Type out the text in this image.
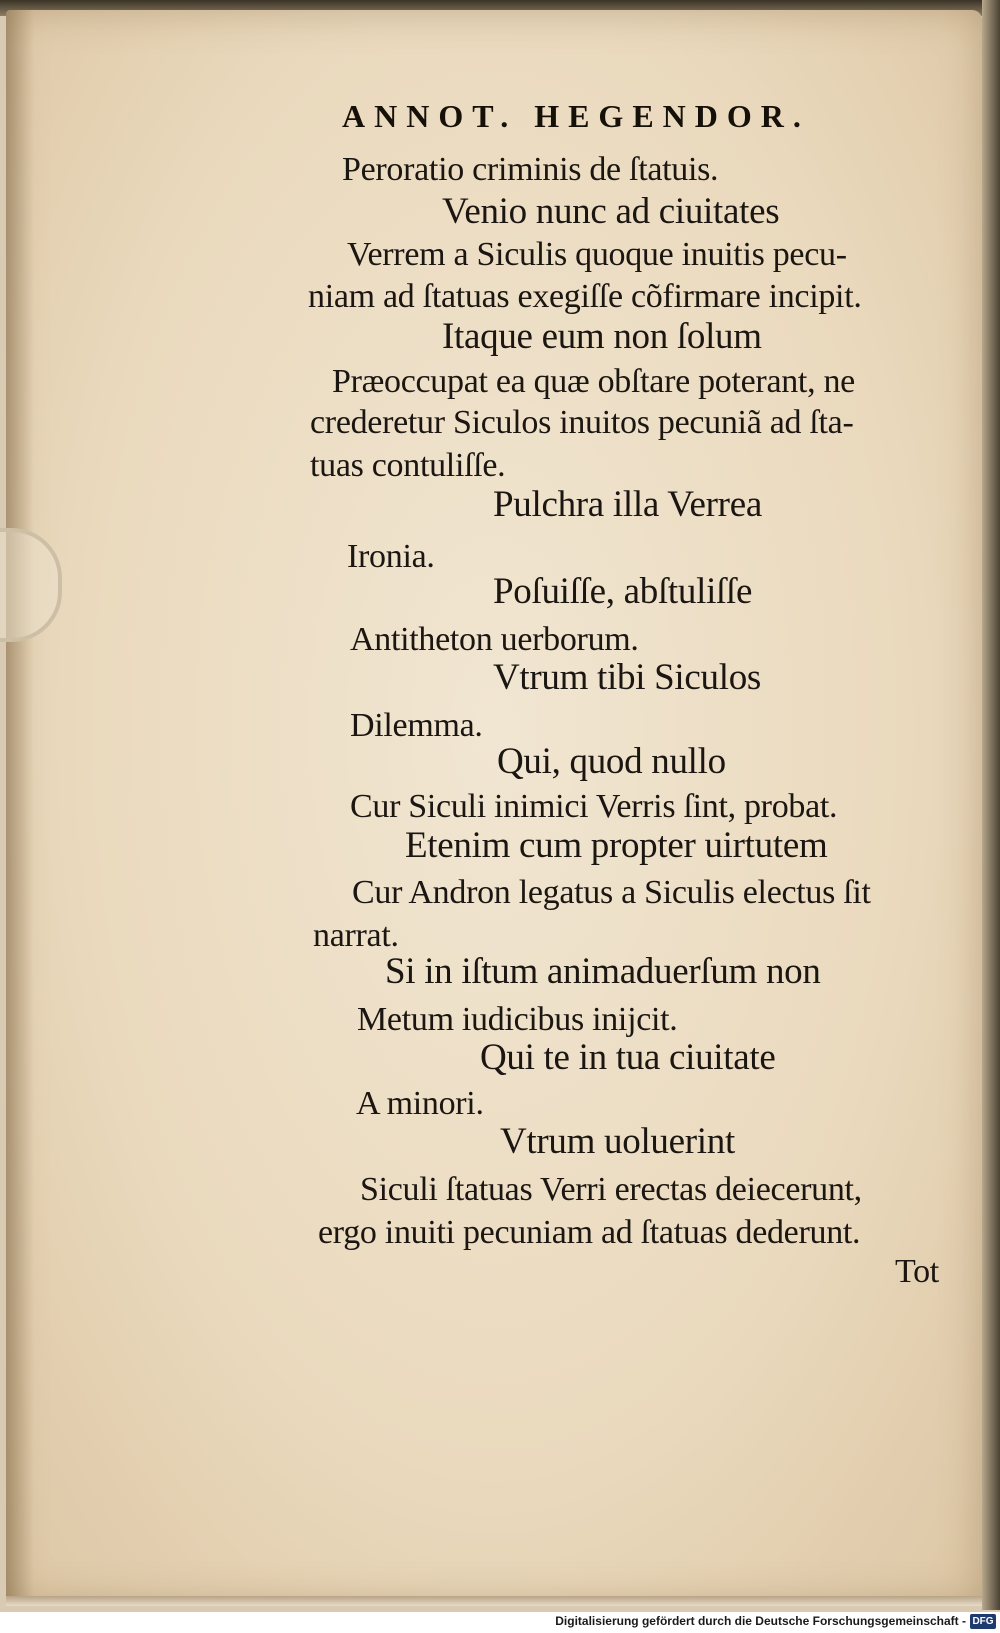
ANNOT. HEGENDOR.
Peroratio criminis de ſtatuis.
Venio nunc ad ciuitates
Verrem a Siculis quoque inuitis pecu-
niam ad ſtatuas exegiſſe cõfirmare incipit.
Itaque eum non ſolum
Præoccupat ea quæ obſtare poterant, ne
crederetur Siculos inuitos pecuniã ad ſta-
tuas contuliſſe.
Pulchra illa Verrea
Ironia.
Poſuiſſe, abſtuliſſe
Antitheton uerborum.
Vtrum tibi Siculos
Dilemma.
Qui, quod nullo
Cur Siculi inimici Verris ſint, probat.
Etenim cum propter uirtutem
Cur Andron legatus a Siculis electus ſit
narrat.
Si in iſtum animaduerſum non
Metum iudicibus inijcit.
Qui te in tua ciuitate
A minori.
Vtrum uoluerint
Siculi ſtatuas Verri erectas deiecerunt,
ergo inuiti pecuniam ad ſtatuas dederunt.
Tot
Digitalisierung gefördert durch die Deutsche Forschungsgemeinschaft - DFG
